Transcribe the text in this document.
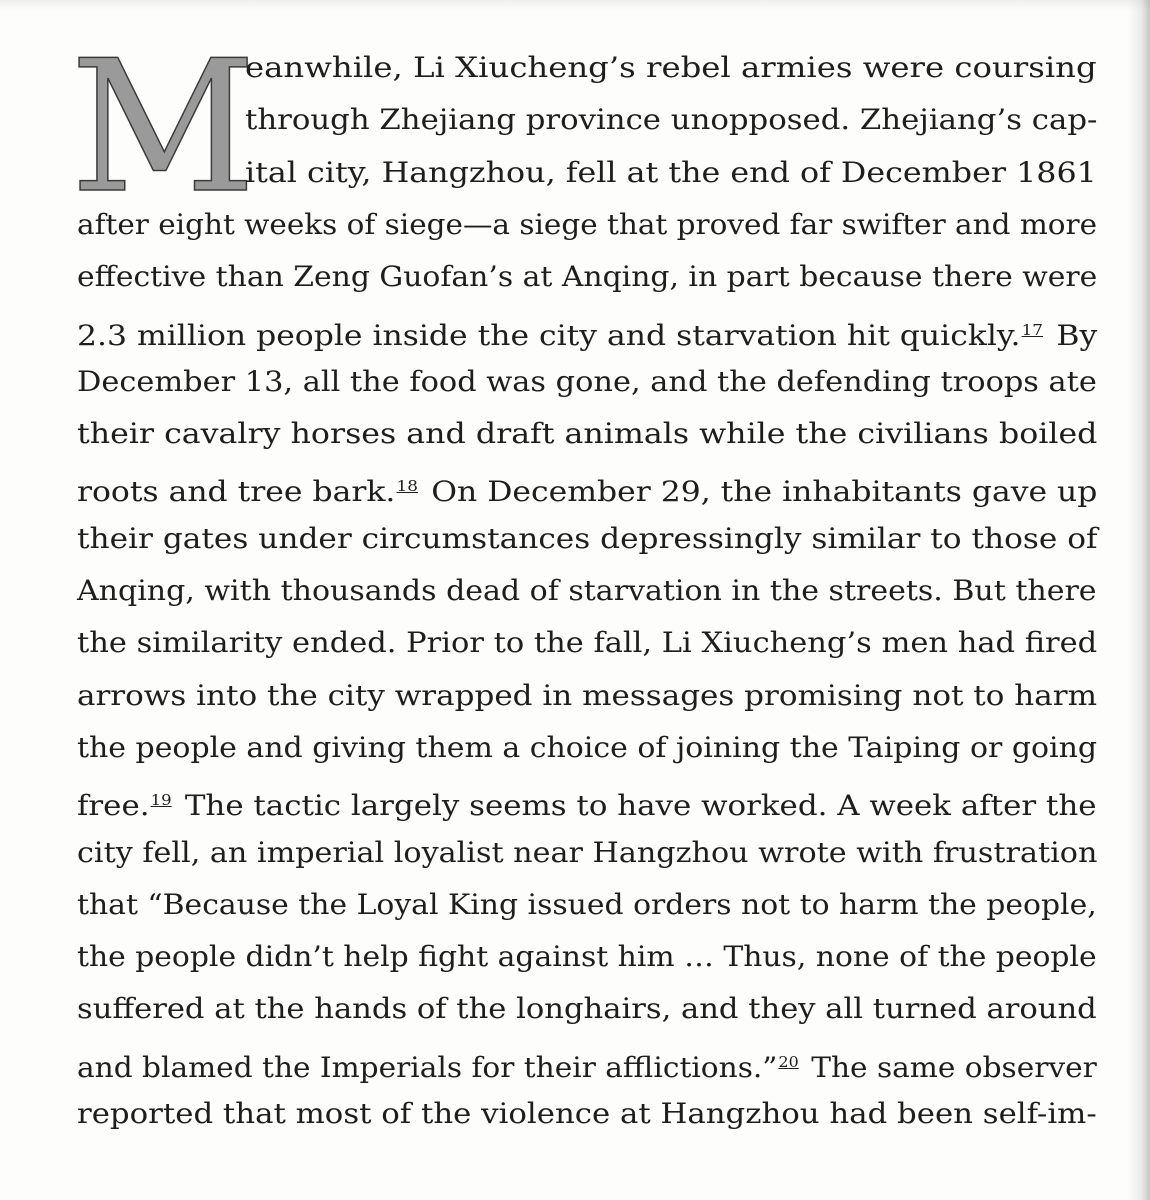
M
eanwhile, Li Xiucheng’s rebel armies were coursing
through Zhejiang province unopposed. Zhejiang’s cap-
ital city, Hangzhou, fell at the end of December 1861
after eight weeks of siege—a siege that proved far swifter and more
effective than Zeng Guofan’s at Anqing, in part because there were
2.3 million people inside the city and starvation hit quickly.$^{17}$ By
December 13, all the food was gone, and the defending troops ate
their cavalry horses and draft animals while the civilians boiled
roots and tree bark.$^{18}$ On December 29, the inhabitants gave up
their gates under circumstances depressingly similar to those of
Anqing, with thousands dead of starvation in the streets. But there
the similarity ended. Prior to the fall, Li Xiucheng’s men had fired
arrows into the city wrapped in messages promising not to harm
the people and giving them a choice of joining the Taiping or going
free.$^{19}$ The tactic largely seems to have worked. A week after the
city fell, an imperial loyalist near Hangzhou wrote with frustration
that “Because the Loyal King issued orders not to harm the people,
the people didn’t help fight against him … Thus, none of the people
suffered at the hands of the longhairs, and they all turned around
and blamed the Imperials for their afflictions.”$^{20}$ The same observer
reported that most of the violence at Hangzhou had been self-im-
